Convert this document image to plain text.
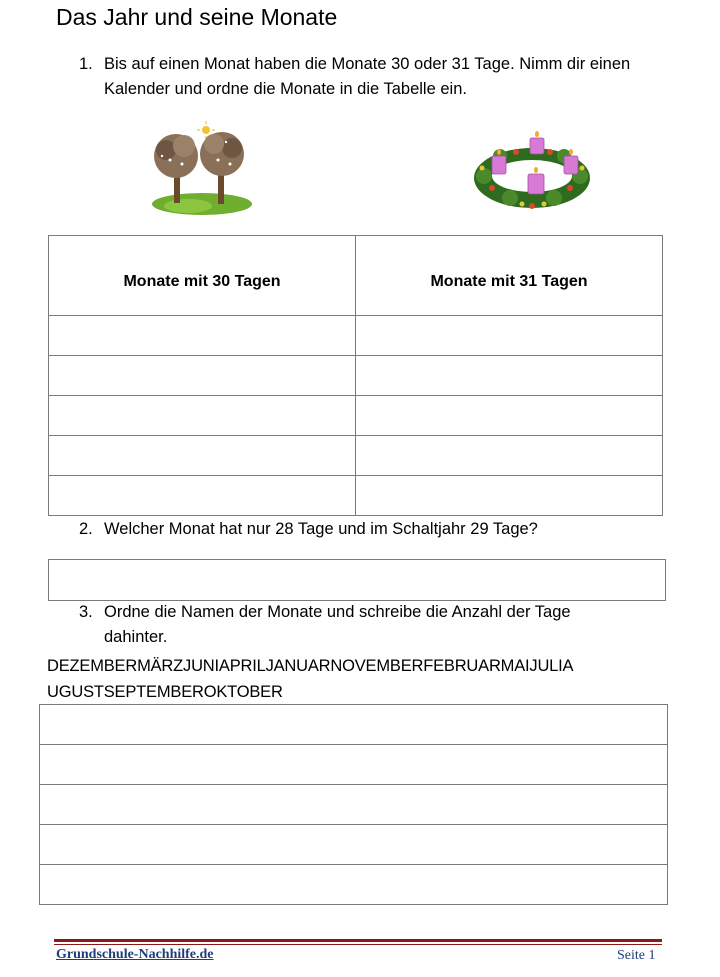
Das Jahr und seine Monate
1. Bis auf einen Monat haben die Monate 30 oder 31 Tage. Nimm dir einen
Kalender und ordne die Monate in die Tabelle ein.
Monate mit 30 Tagen	Monate mit 31 Tagen

2. Welcher Monat hat nur 28 Tage und im Schaltjahr 29 Tage?
3. Ordne die Namen der Monate und schreibe die Anzahl der Tage
dahinter.
DEZEMBERMÄRZJUNIAPRILJANUARNOVEMBERFEBRUARMAIJULIA
UGUSTSEPTEMBEROKTOBER

Grundschule-Nachhilfe.de	Seite 1
